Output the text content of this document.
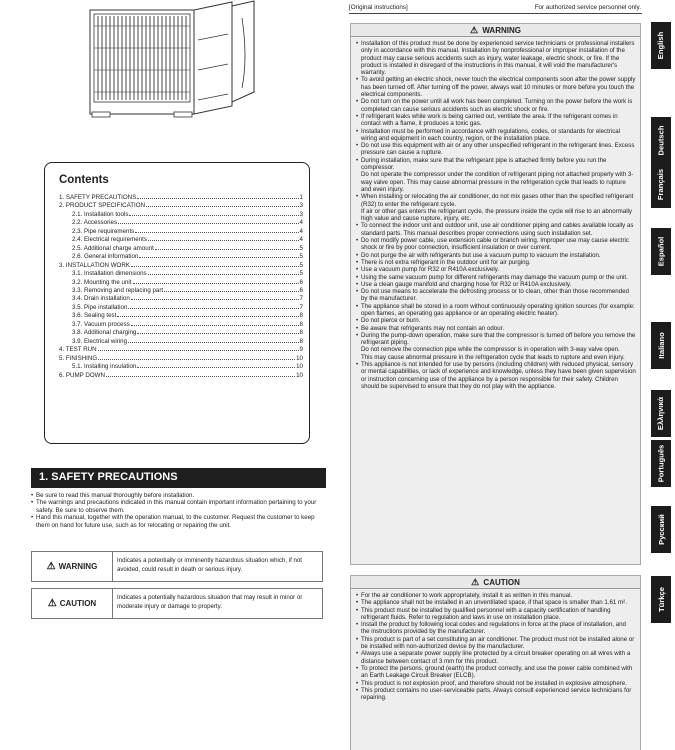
Contents
1. SAFETY PRECAUTIONS	1
2. PRODUCT SPECIFICATION	3
2.1. Installation tools	3
2.2. Accessories	4
2.3. Pipe requirements	4
2.4. Electrical requirements	4
2.5. Additional charge amount	5
2.6. General information	5
3. INSTALLATION WORK	5
3.1. Installation dimensions	5
3.2. Mounting the unit	6
3.3. Removing and replacing part	6
3.4. Drain installation	7
3.5. Pipe installation	7
3.6. Sealing test	8
3.7. Vacuum process	8
3.8. Additional charging	8
3.9. Electrical wiring	8
4. TEST RUN	9
5. FINISHING	10
5.1. Installing insulation	10
6. PUMP DOWN	10
1. SAFETY PRECAUTIONS
• Be sure to read this manual thoroughly before installation.
• The warnings and precautions indicated in this manual contain important information pertaining to your safety. Be sure to observe them.
• Hand this manual, together with the operation manual, to the customer. Request the customer to keep them on hand for future use, such as for relocating or repairing the unit.
⚠ WARNING
Indicates a potentially or imminently hazardous situation which, if not avoided, could result in death or serious injury.
⚠ CAUTION
Indicates a potentially hazardous situation that may result in minor or moderate injury or damage to property.
[Original instructions]	For authorized service personnel only.
⚠ WARNING

• Installation of this product must be done by experienced service technicians or professional installers only in accordance with this manual. Installation by nonprofessional or improper installation of the product may cause serious accidents such as injury, water leakage, electric shock, or fire. If the product is installed in disregard of the instructions in this manual, it will void the manufacturer's warranty.

• To avoid getting an electric shock, never touch the electrical components soon after the power supply has been turned off. After turning off the power, always wait 10 minutes or more before you touch the electrical components.

• Do not turn on the power until all work has been completed. Turning on the power before the work is completed can cause serious accidents such as electric shock or fire.

• If refrigerant leaks while work is being carried out, ventilate the area. If the refrigerant comes in contact with a flame, it produces a toxic gas.

• Installation must be performed in accordance with regulations, codes, or standards for electrical wiring and equipment in each country, region, or the installation place.

• Do not use this equipment with air or any other unspecified refrigerant in the refrigerant lines. Excess pressure can cause a rupture.

• During installation, make sure that the refrigerant pipe is attached firmly before you run the compressor.

Do not operate the compressor under the condition of refrigerant piping not attached properly with 3-way valve open. This may cause abnormal pressure in the refrigeration cycle that leads to rupture and even injury.

• When installing or relocating the air conditioner, do not mix gases other than the specified refrigerant (R32) to enter the refrigerant cycle.

If air or other gas enters the refrigerant cycle, the pressure inside the cycle will rise to an abnormally high value and cause rupture, injury, etc.

• To connect the indoor unit and outdoor unit, use air conditioner piping and cables available locally as standard parts. This manual describes proper connections using such installation set.

• Do not modify power cable, use extension cable or branch wiring. Improper use may cause electric shock or fire by poor connection, insufficient insulation or over current.

• Do not purge the air with refrigerants but use a vacuum pump to vacuum the installation.

• There is not extra refrigerant in the outdoor unit for air purging.

• Use a vacuum pump for R32 or R410A exclusively.

• Using the same vacuum pump for different refrigerants may damage the vacuum pump or the unit.

• Use a clean gauge manifold and charging hose for R32 or R410A exclusively.

• Do not use means to accelerate the defrosting process or to clean, other than those recommended by the manufacturer.

• The appliance shall be stored in a room without continuously operating ignition sources (for example: open flames, an operating gas appliance or an operating electric heater).

• Do not pierce or burn.

• Be aware that refrigerants may not contain an odour.

• During the pump-down operation, make sure that the compressor is turned off before you remove the refrigerant piping.

Do not remove the connection pipe while the compressor is in operation with 3-way valve open.

This may cause abnormal pressure in the refrigeration cycle that leads to rupture and even injury.

• This appliance is not intended for use by persons (including children) with reduced physical, sensory or mental capabilities, or lack of experience and knowledge, unless they have been given supervision or instruction concerning use of the appliance by a person responsible for their safety. Children should be supervised to ensure that they do not play with the appliance.

⚠ CAUTION
• For the air conditioner to work appropriately, install it as written in this manual.
• The appliance shall not be installed in an unventilated space, if that space is smaller than 1.61 m².
• This product must be installed by qualified personnel with a capacity certification of handling refrigerant fluids. Refer to regulation and laws in use on installation place.
• Install the product by following local codes and regulations in force at the place of installation, and the instructions provided by the manufacturer.
• This product is part of a set constituting an air conditioner. The product must not be installed alone or be installed with non-authorized device by the manufacturer.
• Always use a separate power supply line protected by a circuit breaker operating on all wires with a distance between contact of 3 mm for this product.
• To protect the persons, ground (earth) the product correctly, and use the power cable combined with an Earth Leakage Circuit Breaker (ELCB).
• This product is not explosion proof, and therefore should not be installed in explosive atmosphere.
• This product contains no user-serviceable parts. Always consult experienced service technicians for repairing.
English
Deutsch
Français
Español
Italiano
Ελληνικά
Português
Русский
Türkçe
